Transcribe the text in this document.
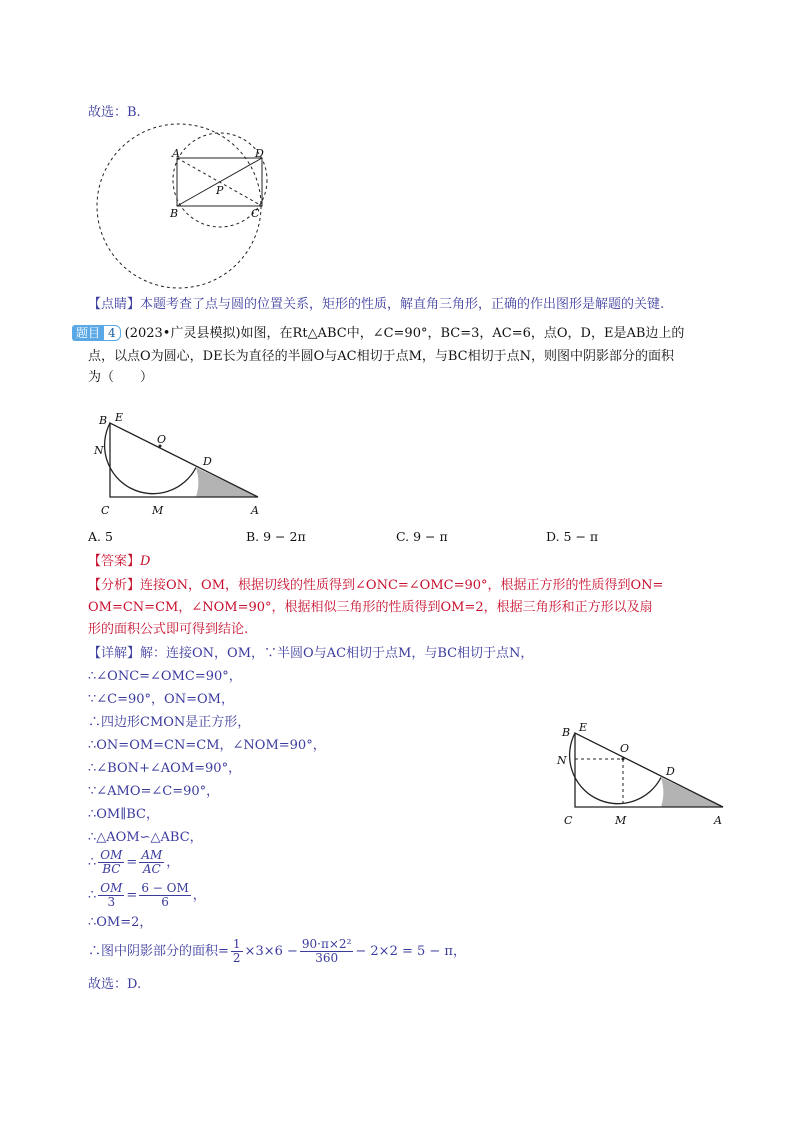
故选：B.
A	D
B	C
P
【点睛】本题考查了点与圆的位置关系，矩形的性质，解直角三角形，正确的作出图形是解题的关键.
题目 4 (2023•广灵县模拟)如图，在Rt△ABC中，∠C=90°，BC=3，AC=6，点O，D，E是AB边上的
点，以点O为圆心，DE长为直径的半圆O与AC相切于点M，与BC相切于点N，则图中阴影部分的面积
为（　　）
B E
O
N
D
C	M	A
A. 5	B. 9 − 2π	C. 9 − π	D. 5 − π
【答案】D
【分析】连接ON，OM，根据切线的性质得到∠ONC=∠OMC=90°，根据正方形的性质得到ON=
OM=CN=CM，∠NOM=90°，根据相似三角形的性质得到OM=2，根据三角形和正方形以及扇
形的面积公式即可得到结论.
【详解】解：连接ON，OM，∵半圆O与AC相切于点M，与BC相切于点N，
∴∠ONC=∠OMC=90°，
∵∠C=90°，ON=OM，
∴四边形CMON是正方形，
∴ON=OM=CN=CM，∠NOM=90°，
∴∠BON+∠AOM=90°，
∵∠AMO=∠C=90°，
∴OM∥BC，
∴△AOM∽△ABC，
∴ $\frac{OM}{BC} = \frac{AM}{AC}$ ，
∴ $\frac{OM}{3} = \frac{6 - OM}{6}$ ，
∴OM=2，
∴图中阴影部分的面积= $\frac{1}{2} \times 3\times 6 - \frac{\text{90·π×2²}}{360} - 2\times 2 = 5 - \pi$，
故选：D.
B E
O
N
D
C	M	A
